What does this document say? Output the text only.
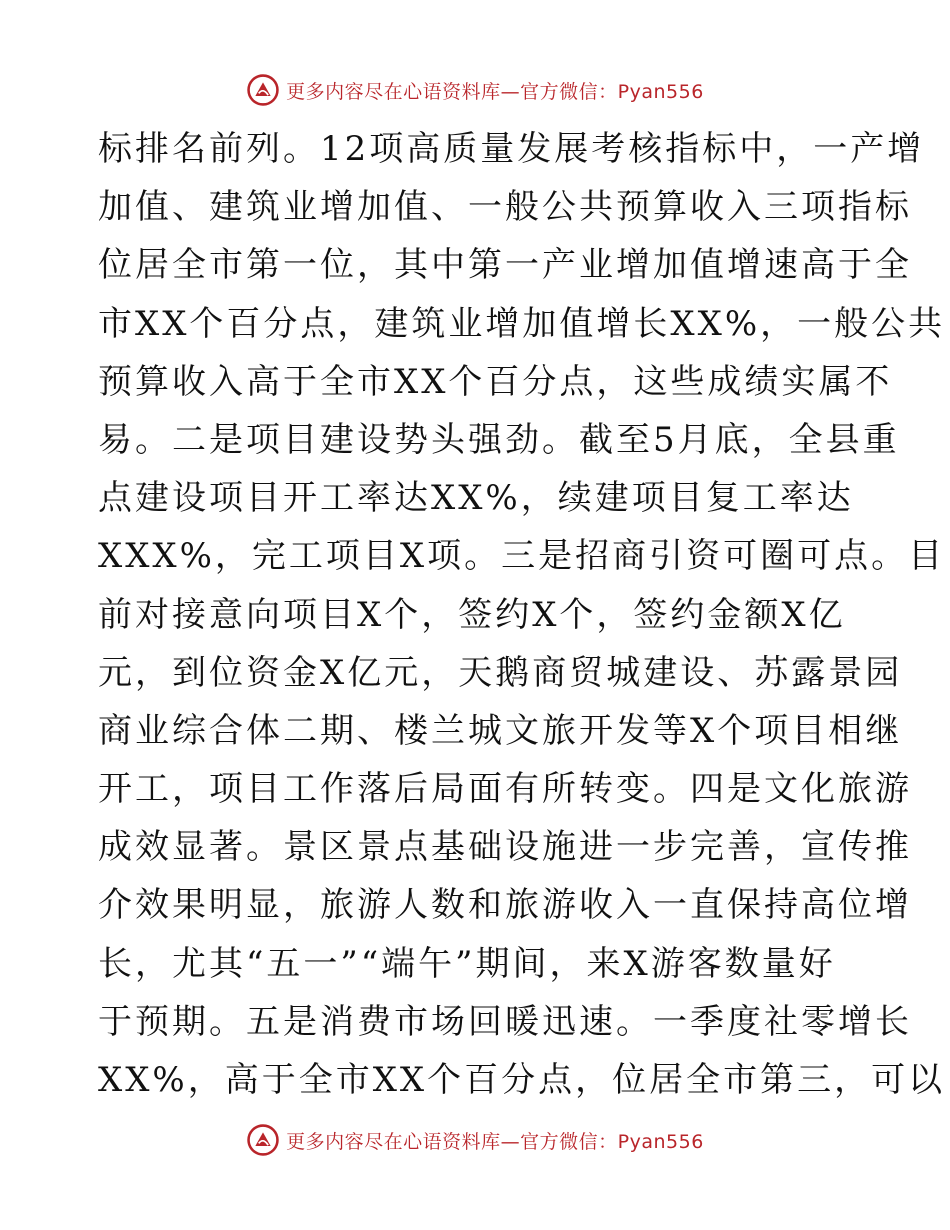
更多内容尽在心语资料库—官方微信：Pyan556
标排名前列。12项高质量发展考核指标中，一产增
加值、建筑业增加值、一般公共预算收入三项指标
位居全市第一位，其中第一产业增加值增速高于全
市XX个百分点，建筑业增加值增长XX%，一般公共
预算收入高于全市XX个百分点，这些成绩实属不
易。二是项目建设势头强劲。截至5月底，全县重
点建设项目开工率达XX%，续建项目复工率达
XXX%，完工项目X项。三是招商引资可圈可点。目
前对接意向项目X个，签约X个，签约金额X亿
元，到位资金X亿元，天鹅商贸城建设、苏露景园
商业综合体二期、楼兰城文旅开发等X个项目相继
开工，项目工作落后局面有所转变。四是文化旅游
成效显著。景区景点基础设施进一步完善，宣传推
介效果明显，旅游人数和旅游收入一直保持高位增
长，尤其“五一”“端午”期间，来X游客数量好
于预期。五是消费市场回暖迅速。一季度社零增长
XX%，高于全市XX个百分点，位居全市第三，可以
更多内容尽在心语资料库—官方微信：Pyan556
